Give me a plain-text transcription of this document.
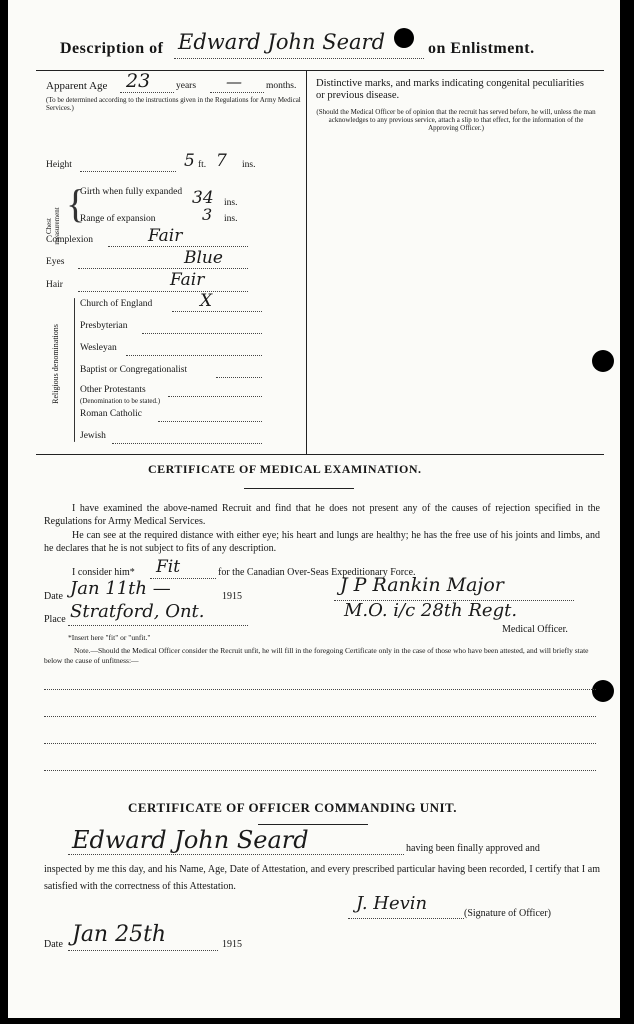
Description of Edward John Seard	on Enlistment.
Apparent Age 23	years —	months.
(To be determined according to the instructions given in the Regulations for Army Medical Services.)
Distinctive marks, and marks indicating congenital peculiarities or previous disease.
(Should the Medical Officer be of opinion that the recruit has served before, he will, unless the man acknowledges to any previous service, attach a slip to that effect, for the information of the Approving Officer.)
Height	5 ft. 7 ins.
Chest measurement
{
Girth when fully expanded 34 ins.
Range of expansion	3 ins.
Complexion	Fair
Eyes	Blue
Hair	Fair
Religious denominations
Church of England	X
Presbyterian
Wesleyan
Baptist or Congregationalist
Other Protestants
(Denomination to be stated.)
Roman Catholic
Jewish
CERTIFICATE OF MEDICAL EXAMINATION.
I have examined the above-named Recruit and find that he does not present any of the causes of rejection specified in the Regulations for Army Medical Services.
He can see at the required distance with either eye; his heart and lungs are healthy; he has the free use of his joints and limbs, and he declares that he is not subject to fits of any description.
I consider him* Fit	for the Canadian Over-Seas Expeditionary Force.
Date Jan 11th —	1915
J P Rankin Major
Place Stratford, Ont.	M.O. i/c 28th Regt.
Medical Officer.
*Insert here "fit" or "unfit."
Note.—Should the Medical Officer consider the Recruit unfit, he will fill in the foregoing Certificate only in the case of those who have been attested, and will briefly state below the cause of unfitness:—
CERTIFICATE OF OFFICER COMMANDING UNIT.
Edward John Seard	having been finally approved and
inspected by me this day, and his Name, Age, Date of Attestation, and every prescribed particular having been recorded, I certify that I am satisfied with the correctness of this Attestation.
J. Hevin	(Signature of Officer)
Date Jan 25th	1915
